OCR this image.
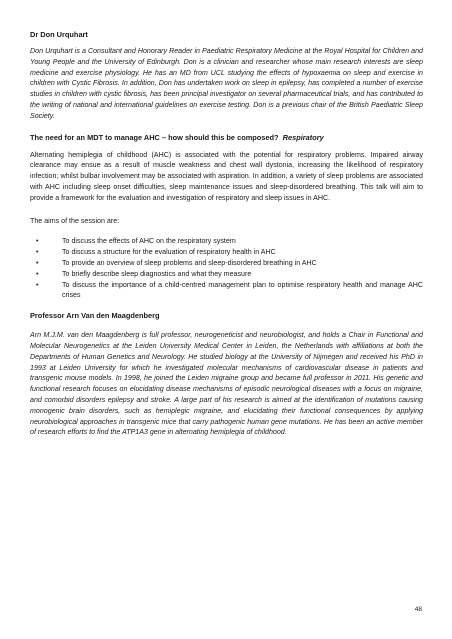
Dr Don Urquhart

Don Urquhart is a Consultant and Honorary Reader in Paediatric Respiratory Medicine at the Royal Hospital for Children and Young People and the University of Edinburgh. Don is a clinician and researcher whose main research interests are sleep medicine and exercise physiology. He has an MD from UCL studying the effects of hypoxaemia on sleep and exercise in children with Cystic Fibrosis. In addition, Don has undertaken work on sleep in epilepsy, has completed a number of exercise studies in children with cystic fibrosis, has been principal investigator on several pharmaceutical trials, and has contributed to the writing of national and international guidelines on exercise testing. Don is a previous chair of the British Paediatric Sleep Society.

The need for an MDT to manage AHC – how should this be composed? Respiratory

Alternating hemiplegia of childhood (AHC) is associated with the potential for respiratory problems. Impaired airway clearance may ensue as a result of muscle weakness and chest wall dystonia, increasing the likelihood of respiratory infection; whilst bulbar involvement may be associated with aspiration. In addition, a variety of sleep problems are associated with AHC including sleep onset difficulties, sleep maintenance issues and sleep-disordered breathing. This talk will aim to provide a framework for the evaluation and investigation of respiratory and sleep issues in AHC.

The aims of the session are:

•	To discuss the effects of AHC on the respiratory system
•	To discuss a structure for the evaluation of respiratory health in AHC
•	To provide an overview of sleep problems and sleep-disordered breathing in AHC
•	To briefly describe sleep diagnostics and what they measure
•	To discuss the importance of a child-centred management plan to optimise respiratory health and manage AHC crises

Professor Arn Van den Maagdenberg

Arn M.J.M. van den Maagdenberg is full professor, neurogeneticist and neurobiologist, and holds a Chair in Functional and Molecular Neurogenetics at the Leiden University Medical Center in Leiden, the Netherlands with affiliations at both the Departments of Human Genetics and Neurology. He studied biology at the University of Nijmegen and received his PhD in 1993 at Leiden University for which he investigated molecular mechanisms of cardiovascular disease in patients and transgenic mouse models. In 1998, he joined the Leiden migraine group and became full professor in 2011. His genetic and functional research focuses on elucidating disease mechanisms of episodic neurological diseases with a focus on migraine, and comorbid disorders epilepsy and stroke. A large part of his research is aimed at the identification of mutations causing monogenic brain disorders, such as hemiplegic migraine, and elucidating their functional consequences by applying neurobiological approaches in transgenic mice that carry pathogenic human gene mutations. He has been an active member of research efforts to find the ATP1A3 gene in alternating hemiplegia of childhood.

48
